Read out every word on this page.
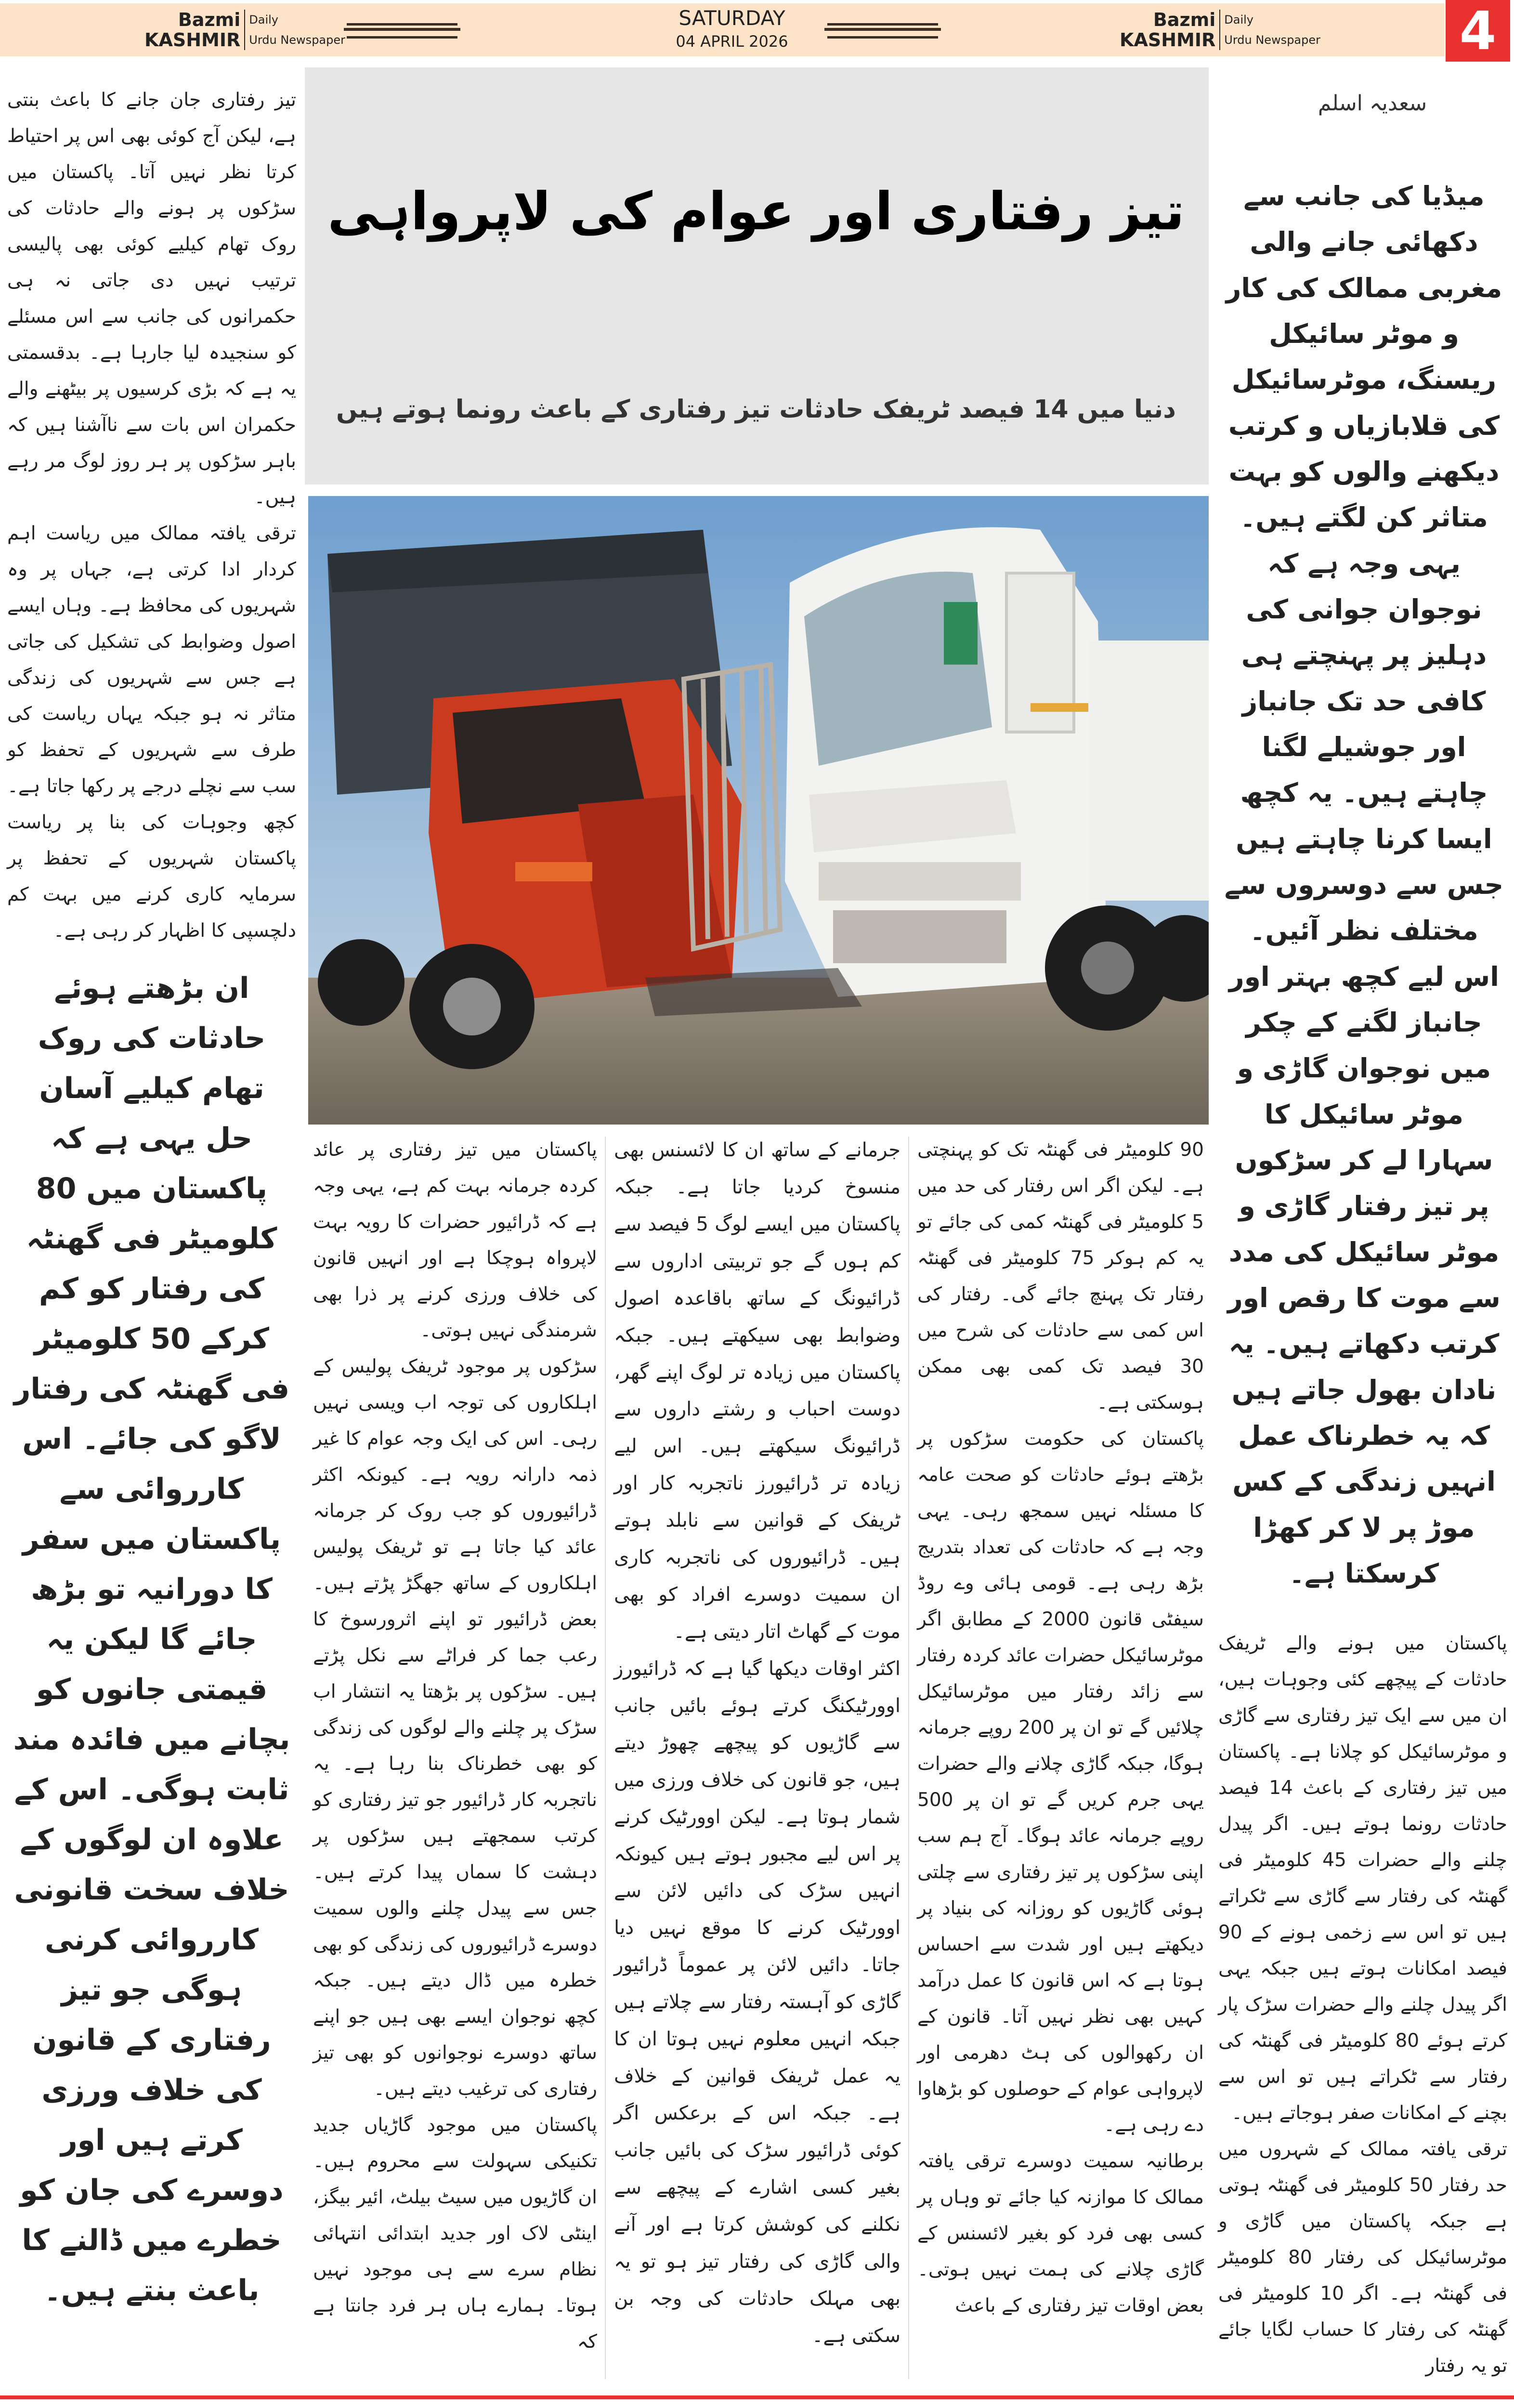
Bazmi
KASHMIR
Daily
Urdu Newspaper
SATURDAY
04 APRIL 2026
Bazmi
KASHMIR
Daily
Urdu Newspaper	4
تیز رفتاری اور عوام کی لاپرواہی
دنیا میں 14 فیصد ٹریفک حادثات تیز رفتاری کے باعث رونما ہوتے ہیں

تیز رفتاری جان جانے کا باعث بنتی ہے، لیکن آج کوئی بھی اس پر احتیاط کرتا نظر نہیں آتا۔ پاکستان میں سڑکوں پر ہونے والے حادثات کی روک تھام کیلیے کوئی بھی پالیسی ترتیب نہیں دی جاتی نہ ہی حکمرانوں کی جانب سے اس مسئلے کو سنجیدہ لیا جارہا ہے۔ بدقسمتی یہ ہے کہ بڑی کرسیوں پر بیٹھنے والے حکمران اس بات سے ناآشنا ہیں کہ باہر سڑکوں پر ہر روز لوگ مر رہے ہیں۔

ترقی یافتہ ممالک میں ریاست اہم کردار ادا کرتی ہے، جہاں پر وہ شہریوں کی محافظ ہے۔ وہاں ایسے اصول وضوابط کی تشکیل کی جاتی ہے جس سے شہریوں کی زندگی متاثر نہ ہو جبکہ یہاں ریاست کی طرف سے شہریوں کے تحفظ کو سب سے نچلے درجے پر رکھا جاتا ہے۔ کچھ وجوہات کی بنا پر ریاست پاکستان شہریوں کے تحفظ پر سرمایہ کاری کرنے میں بہت کم دلچسپی کا اظہار کر رہی ہے۔

ان بڑھتے ہوئے حادثات کی روک تھام کیلیے آسان حل یہی ہے کہ پاکستان میں 80 کلومیٹر فی گھنٹہ کی رفتار کو کم کرکے 50 کلومیٹر فی گھنٹہ کی رفتار لاگو کی جائے۔ اس کارروائی سے پاکستان میں سفر کا دورانیہ تو بڑھ جائے گا لیکن یہ قیمتی جانوں کو بچانے میں فائدہ مند ثابت ہوگی۔ اس کے علاوہ ان لوگوں کے خلاف سخت قانونی کارروائی کرنی ہوگی جو تیز رفتاری کے قانون کی خلاف ورزی کرتے ہیں اور دوسرے کی جان کو خطرے میں ڈالنے کا باعث بنتے ہیں۔

پاکستان میں تیز رفتاری پر عائد کردہ جرمانہ بہت کم ہے، یہی وجہ ہے کہ ڈرائیور حضرات کا رویہ بہت لاپرواہ ہوچکا ہے اور انہیں قانون کی خلاف ورزی کرنے پر ذرا بھی شرمندگی نہیں ہوتی۔

سڑکوں پر موجود ٹریفک پولیس کے اہلکاروں کی توجہ اب ویسی نہیں رہی۔ اس کی ایک وجہ عوام کا غیر ذمہ دارانہ رویہ ہے۔ کیونکہ اکثر ڈرائیوروں کو جب روک کر جرمانہ عائد کیا جاتا ہے تو ٹریفک پولیس اہلکاروں کے ساتھ جھگڑ پڑتے ہیں۔ بعض ڈرائیور تو اپنے اثرورسوخ کا رعب جما کر فراٹے سے نکل پڑتے ہیں۔ سڑکوں پر بڑھتا یہ انتشار اب سڑک پر چلنے والے لوگوں کی زندگی کو بھی خطرناک بنا رہا ہے۔ یہ ناتجربہ کار ڈرائیور جو تیز رفتاری کو کرتب سمجھتے ہیں سڑکوں پر دہشت کا سماں پیدا کرتے ہیں۔ جس سے پیدل چلنے والوں سمیت دوسرے ڈرائیوروں کی زندگی کو بھی خطرہ میں ڈال دیتے ہیں۔ جبکہ کچھ نوجوان ایسے بھی ہیں جو اپنے ساتھ دوسرے نوجوانوں کو بھی تیز رفتاری کی ترغیب دیتے ہیں۔

پاکستان میں موجود گاڑیاں جدید تکنیکی سہولت سے محروم ہیں۔ ان گاڑیوں میں سیٹ بیلٹ، ائیر بیگز، اینٹی لاک اور جدید ابتدائی انتہائی نظام سرے سے ہی موجود نہیں ہوتا۔ ہمارے ہاں ہر فرد جانتا ہے کہ

جرمانے کے ساتھ ان کا لائسنس بھی منسوخ کردیا جاتا ہے۔ جبکہ پاکستان میں ایسے لوگ 5 فیصد سے کم ہوں گے جو تربیتی اداروں سے ڈرائیونگ کے ساتھ باقاعدہ اصول وضوابط بھی سیکھتے ہیں۔ جبکہ پاکستان میں زیادہ تر لوگ اپنے گھر، دوست احباب و رشتے داروں سے ڈرائیونگ سیکھتے ہیں۔ اس لیے زیادہ تر ڈرائیورز ناتجربہ کار اور ٹریفک کے قوانین سے نابلد ہوتے ہیں۔ ڈرائیوروں کی ناتجربہ کاری ان سمیت دوسرے افراد کو بھی موت کے گھاٹ اتار دیتی ہے۔

اکثر اوقات دیکھا گیا ہے کہ ڈرائیورز اوورٹیکنگ کرتے ہوئے بائیں جانب سے گاڑیوں کو پیچھے چھوڑ دیتے ہیں، جو قانون کی خلاف ورزی میں شمار ہوتا ہے۔ لیکن اوورٹیک کرنے پر اس لیے مجبور ہوتے ہیں کیونکہ انہیں سڑک کی دائیں لائن سے اوورٹیک کرنے کا موقع نہیں دیا جاتا۔ دائیں لائن پر عموماً ڈرائیور گاڑی کو آہستہ رفتار سے چلاتے ہیں جبکہ انہیں معلوم نہیں ہوتا ان کا یہ عمل ٹریفک قوانین کے خلاف ہے۔ جبکہ اس کے برعکس اگر کوئی ڈرائیور سڑک کی بائیں جانب بغیر کسی اشارے کے پیچھے سے نکلنے کی کوشش کرتا ہے اور آنے والی گاڑی کی رفتار تیز ہو تو یہ بھی مہلک حادثات کی وجہ بن سکتی ہے۔

90 کلومیٹر فی گھنٹہ تک کو پہنچتی ہے۔ لیکن اگر اس رفتار کی حد میں 5 کلومیٹر فی گھنٹہ کمی کی جائے تو یہ کم ہوکر 75 کلومیٹر فی گھنٹہ رفتار تک پہنچ جائے گی۔ رفتار کی اس کمی سے حادثات کی شرح میں 30 فیصد تک کمی بھی ممکن ہوسکتی ہے۔

پاکستان کی حکومت سڑکوں پر بڑھتے ہوئے حادثات کو صحت عامہ کا مسئلہ نہیں سمجھ رہی۔ یہی وجہ ہے کہ حادثات کی تعداد بتدریج بڑھ رہی ہے۔ قومی ہائی وے روڈ سیفٹی قانون 2000 کے مطابق اگر موٹرسائیکل حضرات عائد کردہ رفتار سے زائد رفتار میں موٹرسائیکل چلائیں گے تو ان پر 200 روپے جرمانہ ہوگا، جبکہ گاڑی چلانے والے حضرات یہی جرم کریں گے تو ان پر 500 روپے جرمانہ عائد ہوگا۔ آج ہم سب اپنی سڑکوں پر تیز رفتاری سے چلتی ہوئی گاڑیوں کو روزانہ کی بنیاد پر دیکھتے ہیں اور شدت سے احساس ہوتا ہے کہ اس قانون کا عمل درآمد کہیں بھی نظر نہیں آتا۔ قانون کے ان رکھوالوں کی ہٹ دھرمی اور لاپرواہی عوام کے حوصلوں کو بڑھاوا دے رہی ہے۔

برطانیہ سمیت دوسرے ترقی یافتہ ممالک کا موازنہ کیا جائے تو وہاں پر کسی بھی فرد کو بغیر لائسنس کے گاڑی چلانے کی ہمت نہیں ہوتی۔ بعض اوقات تیز رفتاری کے باعث

سعدیہ اسلم

میڈیا کی جانب سے دکھائی جانے والی مغربی ممالک کی کار و موٹر سائیکل ریسنگ، موٹرسائیکل کی قلابازیاں و کرتب دیکھنے والوں کو بہت متاثر کن لگتے ہیں۔ یہی وجہ ہے کہ نوجوان جوانی کی دہلیز پر پہنچتے ہی کافی حد تک جانباز اور جوشیلے لگنا چاہتے ہیں۔ یہ کچھ ایسا کرنا چاہتے ہیں جس سے دوسروں سے مختلف نظر آئیں۔ اس لیے کچھ بہتر اور جانباز لگنے کے چکر میں نوجوان گاڑی و موٹر سائیکل کا سہارا لے کر سڑکوں پر تیز رفتار گاڑی و موٹر سائیکل کی مدد سے موت کا رقص اور کرتب دکھاتے ہیں۔ یہ نادان بھول جاتے ہیں کہ یہ خطرناک عمل انہیں زندگی کے کس موڑ پر لا کر کھڑا کرسکتا ہے۔

پاکستان میں ہونے والے ٹریفک حادثات کے پیچھے کئی وجوہات ہیں، ان میں سے ایک تیز رفتاری سے گاڑی و موٹرسائیکل کو چلانا ہے۔ پاکستان میں تیز رفتاری کے باعث 14 فیصد حادثات رونما ہوتے ہیں۔ اگر پیدل چلنے والے حضرات 45 کلومیٹر فی گھنٹہ کی رفتار سے گاڑی سے ٹکراتے ہیں تو اس سے زخمی ہونے کے 90 فیصد امکانات ہوتے ہیں جبکہ یہی اگر پیدل چلنے والے حضرات سڑک پار کرتے ہوئے 80 کلومیٹر فی گھنٹہ کی رفتار سے ٹکراتے ہیں تو اس سے بچنے کے امکانات صفر ہوجاتے ہیں۔

ترقی یافتہ ممالک کے شہروں میں حد رفتار 50 کلومیٹر فی گھنٹہ ہوتی ہے جبکہ پاکستان میں گاڑی و موٹرسائیکل کی رفتار 80 کلومیٹر فی گھنٹہ ہے۔ اگر 10 کلومیٹر فی گھنٹہ کی رفتار کا حساب لگایا جائے تو یہ رفتار
